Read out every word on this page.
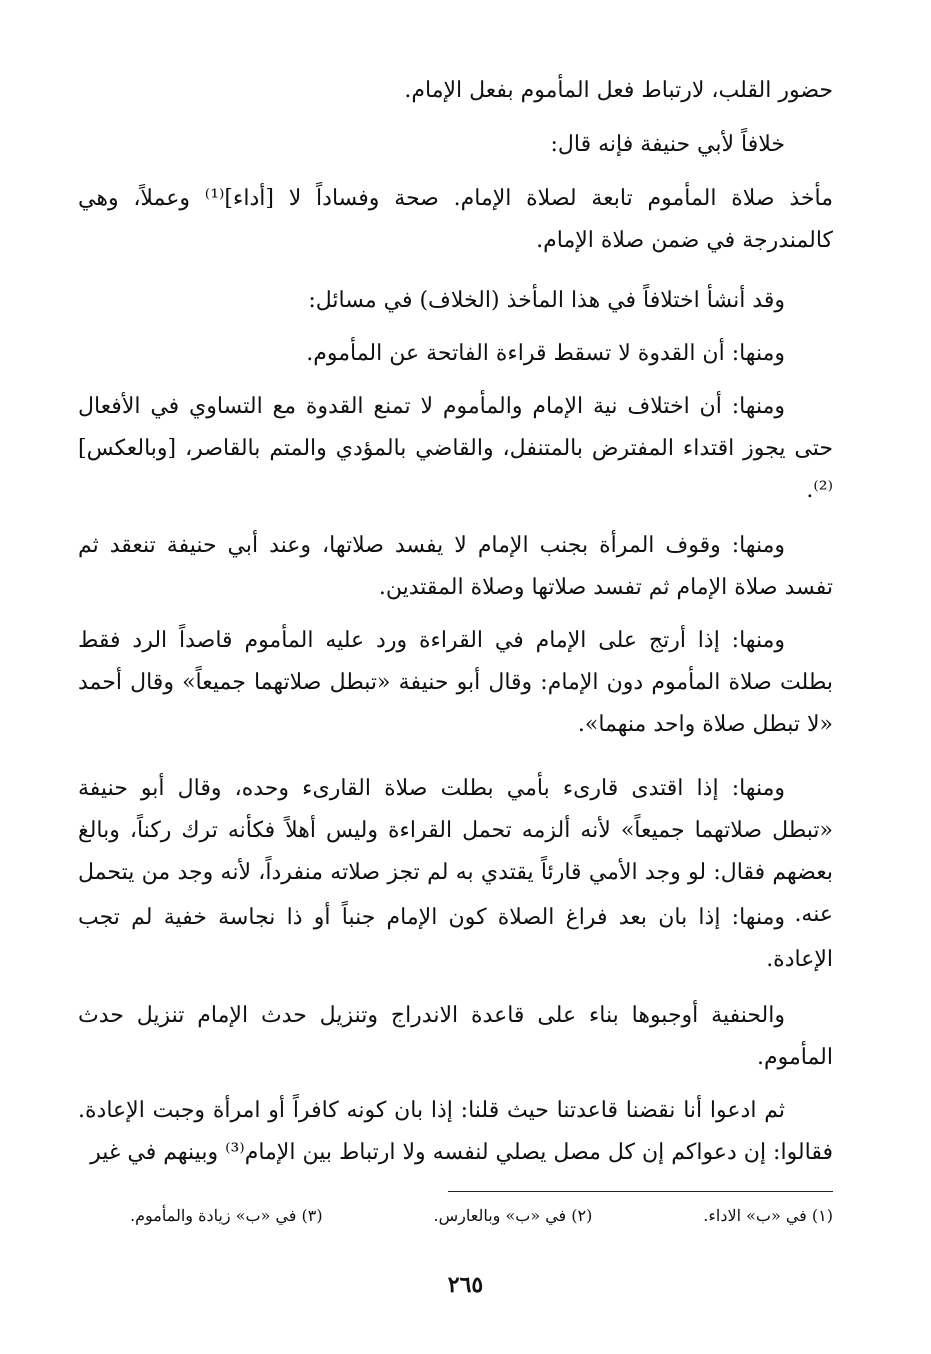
حضور القلب، لارتباط فعل المأموم بفعل الإمام.
خلافاً لأبي حنيفة فإنه قال:
مأخذ صلاة المأموم تابعة لصلاة الإمام. صحة وفساداً لا [أداء]⁽¹⁾ وعملاً، وهي كالمندرجة في ضمن صلاة الإمام.
وقد أنشأ اختلافاً في هذا المأخذ (الخلاف) في مسائل:
ومنها: أن القدوة لا تسقط قراءة الفاتحة عن المأموم.
ومنها: أن اختلاف نية الإمام والمأموم لا تمنع القدوة مع التساوي في الأفعال حتى يجوز اقتداء المفترض بالمتنفل، والقاضي بالمؤدي والمتم بالقاصر، [وبالعكس]⁽²⁾.
ومنها: وقوف المرأة بجنب الإمام لا يفسد صلاتها، وعند أبي حنيفة تنعقد ثم تفسد صلاة الإمام ثم تفسد صلاتها وصلاة المقتدين.
ومنها: إذا أرتج على الإمام في القراءة ورد عليه المأموم قاصداً الرد فقط بطلت صلاة المأموم دون الإمام: وقال أبو حنيفة «تبطل صلاتهما جميعاً» وقال أحمد «لا تبطل صلاة واحد منهما».
ومنها: إذا اقتدى قارىء بأمي بطلت صلاة القارىء وحده، وقال أبو حنيفة «تبطل صلاتهما جميعاً» لأنه ألزمه تحمل القراءة وليس أهلاً فكأنه ترك ركناً، وبالغ بعضهم فقال: لو وجد الأمي قارئاً يقتدي به لم تجز صلاته منفرداً، لأنه وجد من يتحمل عنه.
ومنها: إذا بان بعد فراغ الصلاة كون الإمام جنباً أو ذا نجاسة خفية لم تجب الإعادة.
والحنفية أوجبوها بناء على قاعدة الاندراج وتنزيل حدث الإمام تنزيل حدث المأموم.
ثم ادعوا أنا نقضنا قاعدتنا حيث قلنا: إذا بان كونه كافراً أو امرأة وجبت الإعادة. فقالوا: إن دعواكم إن كل مصل يصلي لنفسه ولا ارتباط بين الإمام⁽³⁾ وبينهم في غير
(١) في «ب» الاداء.
(٢) في «ب» وبالعارس.
(٣) في «ب» زيادة والمأموم.
٢٦٥
